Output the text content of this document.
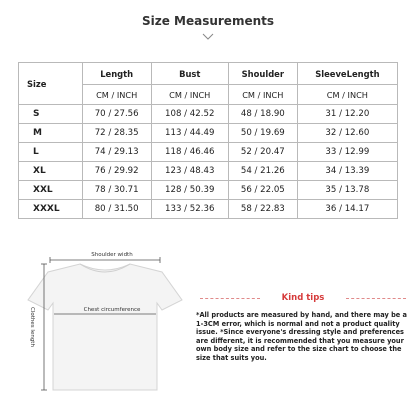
Size Measurements
Size	Length	Bust	Shoulder	SleeveLength
	CM / INCH	CM / INCH	CM / INCH	CM / INCH
S	70 / 27.56	108 / 42.52	48 / 18.90	31 / 12.20
M	72 / 28.35	113 / 44.49	50 / 19.69	32 / 12.60
L	74 / 29.13	118 / 46.46	52 / 20.47	33 / 12.99
XL	76 / 29.92	123 / 48.43	54 / 21.26	34 / 13.39
XXL	78 / 30.71	128 / 50.39	56 / 22.05	35 / 13.78
XXXL	80 / 31.50	133 / 52.36	58 / 22.83	36 / 14.17
Shoulder width
Chest circumference
Clothes length
Kind tips
*All products are measured by hand, and there may be a 1-3CM error, which is normal and not a product quality issue. *Since everyone's dressing style and preferences are different, it is recommended that you measure your own body size and refer to the size chart to choose the size that suits you.
